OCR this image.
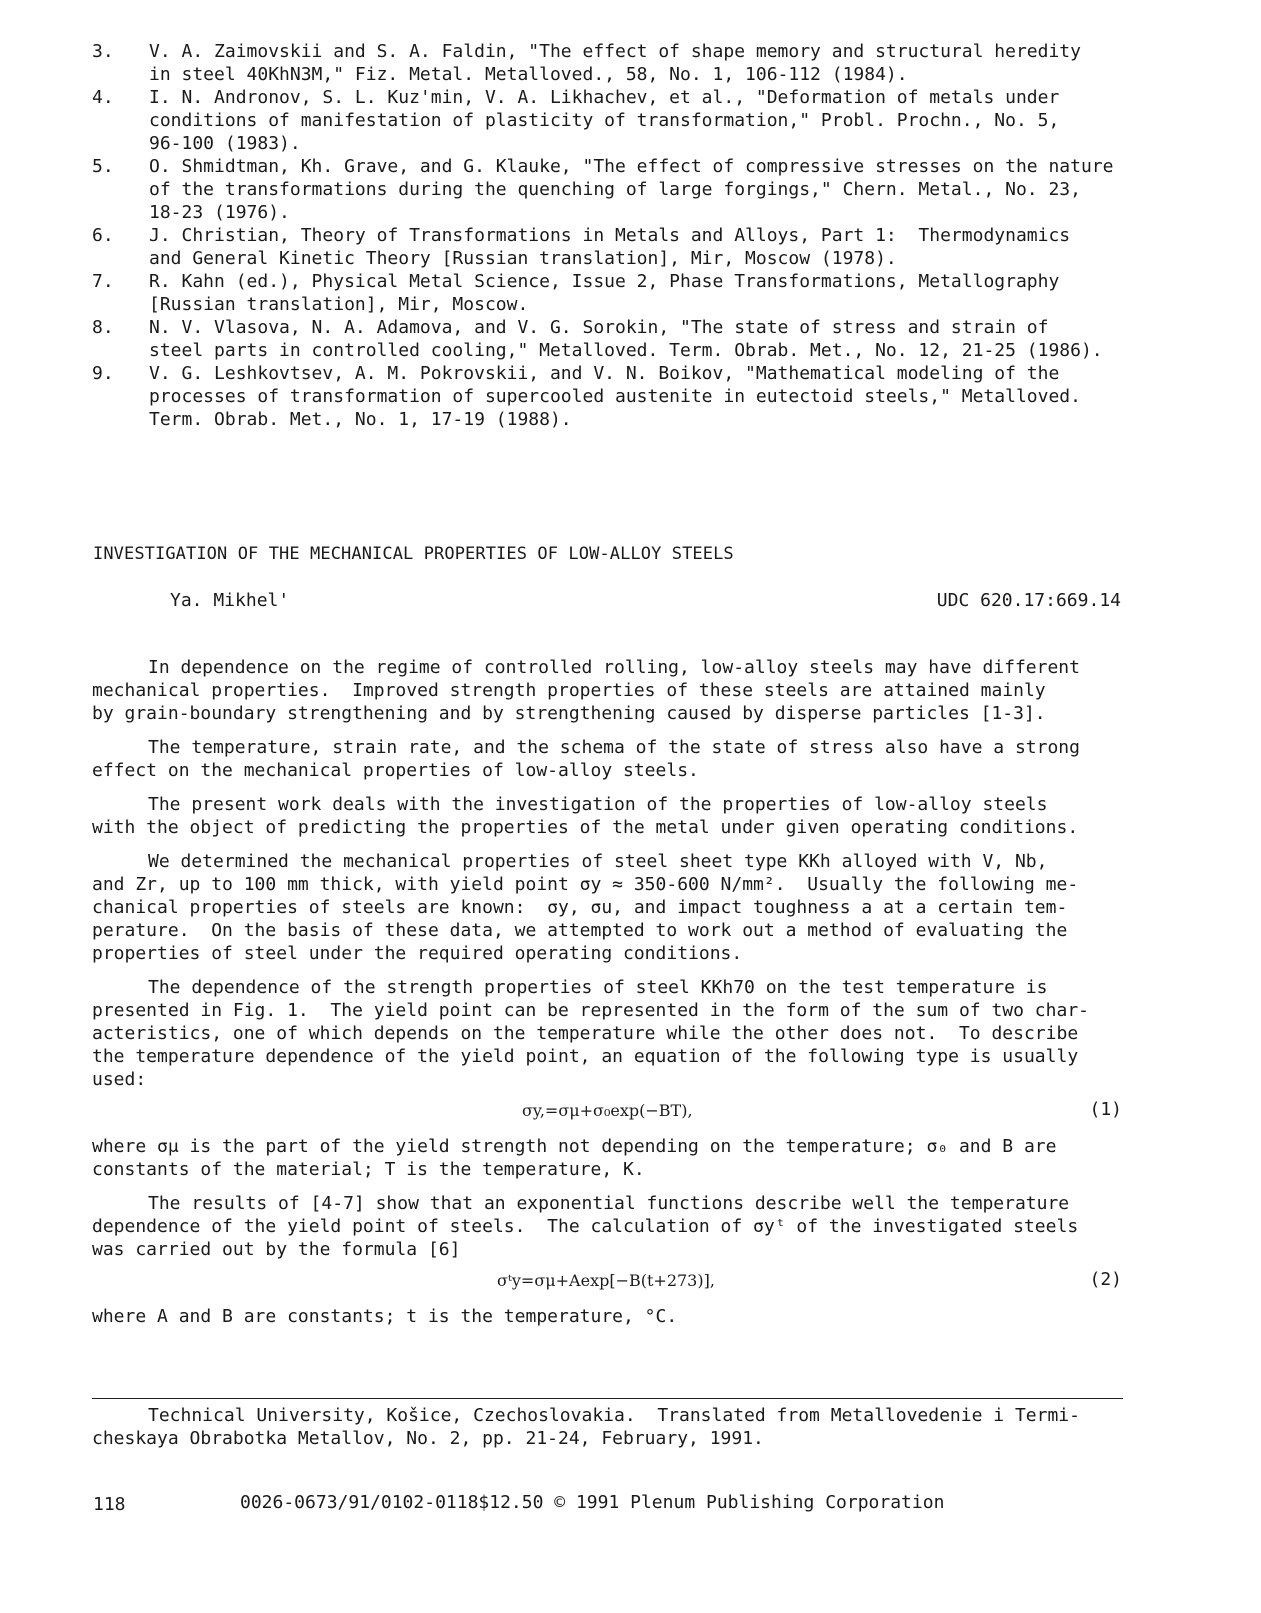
3.	V. A. Zaimovskii and S. A. Faldin, "The effect of shape memory and structural heredity
in steel 40KhN3M," Fiz. Metal. Metalloved., 58, No. 1, 106-112 (1984).
4.	I. N. Andronov, S. L. Kuz'min, V. A. Likhachev, et al., "Deformation of metals under
conditions of manifestation of plasticity of transformation," Probl. Prochn., No. 5,
96-100 (1983).
5.	O. Shmidtman, Kh. Grave, and G. Klauke, "The effect of compressive stresses on the nature
of the transformations during the quenching of large forgings," Chern. Metal., No. 23,
18-23 (1976).
6.	J. Christian, Theory of Transformations in Metals and Alloys, Part 1:  Thermodynamics
and General Kinetic Theory [Russian translation], Mir, Moscow (1978).
7.	R. Kahn (ed.), Physical Metal Science, Issue 2, Phase Transformations, Metallography
[Russian translation], Mir, Moscow.
8.	N. V. Vlasova, N. A. Adamova, and V. G. Sorokin, "The state of stress and strain of
steel parts in controlled cooling," Metalloved. Term. Obrab. Met., No. 12, 21-25 (1986).
9.	V. G. Leshkovtsev, A. M. Pokrovskii, and V. N. Boikov, "Mathematical modeling of the
processes of transformation of supercooled austenite in eutectoid steels," Metalloved.
Term. Obrab. Met., No. 1, 17-19 (1988).
INVESTIGATION OF THE MECHANICAL PROPERTIES OF LOW-ALLOY STEELS
Ya. Mikhel'	UDC 620.17:669.14
In dependence on the regime of controlled rolling, low-alloy steels may have different
mechanical properties.  Improved strength properties of these steels are attained mainly
by grain-boundary strengthening and by strengthening caused by disperse particles [1-3].
The temperature, strain rate, and the schema of the state of stress also have a strong
effect on the mechanical properties of low-alloy steels.
The present work deals with the investigation of the properties of low-alloy steels
with the object of predicting the properties of the metal under given operating conditions.
We determined the mechanical properties of steel sheet type KKh alloyed with V, Nb,
and Zr, up to 100 mm thick, with yield point σy ≈ 350-600 N/mm².  Usually the following me-
chanical properties of steels are known:  σy, σu, and impact toughness a at a certain tem-
perature.  On the basis of these data, we attempted to work out a method of evaluating the
properties of steel under the required operating conditions.
The dependence of the strength properties of steel KKh70 on the test temperature is
presented in Fig. 1.  The yield point can be represented in the form of the sum of two char-
acteristics, one of which depends on the temperature while the other does not.  To describe
the temperature dependence of the yield point, an equation of the following type is usually
used:
σy,=σμ+σ₀exp(−BT),	(1)
where σμ is the part of the yield strength not depending on the temperature; σ₀ and B are
constants of the material; T is the temperature, K.
The results of [4-7] show that an exponential functions describe well the temperature
dependence of the yield point of steels.  The calculation of σyᵗ of the investigated steels
was carried out by the formula [6]
σᵗy=σμ+Aexp[−B(t+273)],	(2)
where A and B are constants; t is the temperature, °C.
Technical University, Košice, Czechoslovakia.  Translated from Metallovedenie i Termi-
cheskaya Obrabotka Metallov, No. 2, pp. 21-24, February, 1991.
118	0026-0673/91/0102-0118$12.50 © 1991 Plenum Publishing Corporation
